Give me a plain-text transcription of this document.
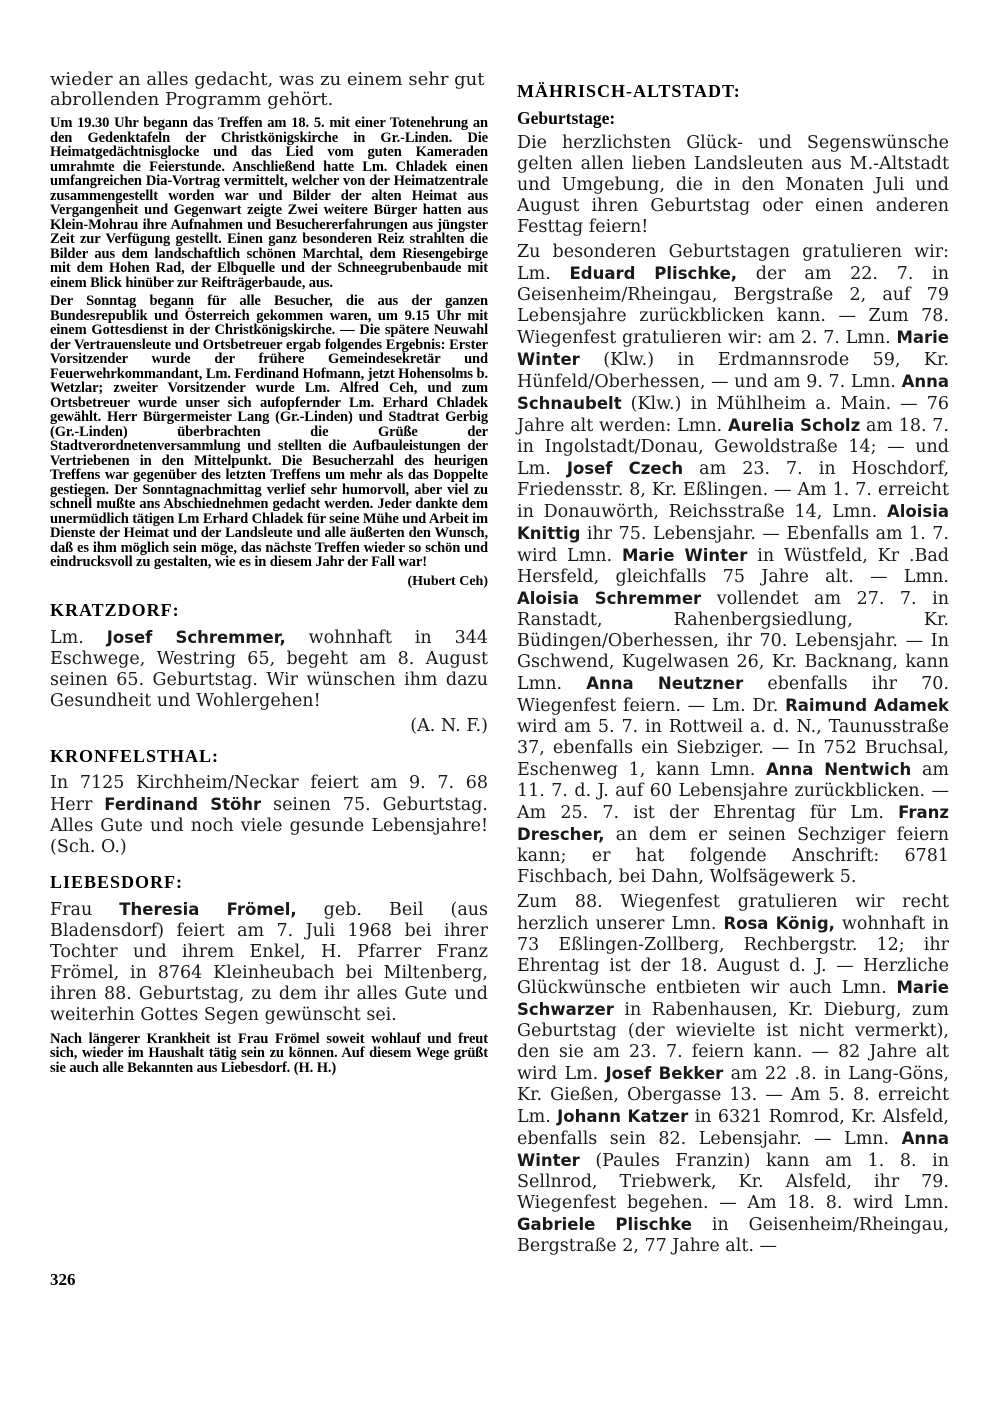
wieder an alles gedacht, was zu einem sehr gut abrollenden Programm gehört.

Um 19.30 Uhr begann das Treffen am 18. 5. mit einer Totenehrung an den Gedenktafeln der Christkönigskirche in Gr.-Linden. Die Heimatgedächtnisglocke und das Lied vom guten Kameraden umrahmte die Feierstunde. Anschließend hatte Lm. Chladek einen umfangreichen Dia-Vortrag vermittelt, welcher von der Heimatzentrale zusammengestellt worden war und Bilder der alten Heimat aus Vergangenheit und Gegenwart zeigte Zwei weitere Bürger hatten aus Klein-Mohrau ihre Aufnahmen und Besuchererfahrungen aus jüngster Zeit zur Verfügung gestellt. Einen ganz besonderen Reiz strahlten die Bilder aus dem landschaftlich schönen Marchtal, dem Riesengebirge mit dem Hohen Rad, der Elbquelle und der Schneegrubenbaude mit einem Blick hinüber zur Reifträgerbaude, aus.

Der Sonntag begann für alle Besucher, die aus der ganzen Bundesrepublik und Österreich gekommen waren, um 9.15 Uhr mit einem Gottesdienst in der Christkönigskirche. — Die spätere Neuwahl der Vertrauensleute und Ortsbetreuer ergab folgendes Ergebnis: Erster Vorsitzender wurde der frühere Gemeindesekretär und Feuerwehrkommandant, Lm. Ferdinand Hofmann, jetzt Hohensolms b. Wetzlar; zweiter Vorsitzender wurde Lm. Alfred Ceh, und zum Ortsbetreuer wurde unser sich aufopfernder Lm. Erhard Chladek gewählt. Herr Bürgermeister Lang (Gr.-Linden) und Stadtrat Gerbig (Gr.-Linden) überbrachten die Grüße der Stadtverordnetenversammlung und stellten die Aufbauleistungen der Vertriebenen in den Mittelpunkt. Die Besucherzahl des heurigen Treffens war gegenüber des letzten Treffens um mehr als das Doppelte gestiegen. Der Sonntagnachmittag verlief sehr humorvoll, aber viel zu schnell mußte ans Abschiednehmen gedacht werden. Jeder dankte dem unermüdlich tätigen Lm Erhard Chladek für seine Mühe und Arbeit im Dienste der Heimat und der Landsleute und alle äußerten den Wunsch, daß es ihm möglich sein möge, das nächste Treffen wieder so schön und eindrucksvoll zu gestalten, wie es in diesem Jahr der Fall war!

(Hubert Ceh)

KRATZDORF:

Lm. Josef Schremmer, wohnhaft in 344 Eschwege, Westring 65, begeht am 8. August seinen 65. Geburtstag. Wir wünschen ihm dazu Gesundheit und Wohlergehen!

(A. N. F.)

KRONFELSTHAL:

In 7125 Kirchheim/Neckar feiert am 9. 7. 68 Herr Ferdinand Stöhr seinen 75. Geburtstag. Alles Gute und noch viele gesunde Lebensjahre! (Sch. O.)

LIEBESDORF:

Frau Theresia Frömel, geb. Beil (aus Bladensdorf) feiert am 7. Juli 1968 bei ihrer Tochter und ihrem Enkel, H. Pfarrer Franz Frömel, in 8764 Kleinheubach bei Miltenberg, ihren 88. Geburtstag, zu dem ihr alles Gute und weiterhin Gottes Segen gewünscht sei.

Nach längerer Krankheit ist Frau Frömel soweit wohlauf und freut sich, wieder im Haushalt tätig sein zu können. Auf diesem Wege grüßt sie auch alle Bekannten aus Liebesdorf. (H. H.)

326
MÄHRISCH-ALTSTADT:
Geburtstage:

Die herzlichsten Glück- und Segenswünsche gelten allen lieben Landsleuten aus M.-Altstadt und Umgebung, die in den Monaten Juli und August ihren Geburtstag oder einen anderen Festtag feiern!

Zu besonderen Geburtstagen gratulieren wir: Lm. Eduard Plischke, der am 22. 7. in Geisenheim/Rheingau, Bergstraße 2, auf 79 Lebensjahre zurückblicken kann. — Zum 78. Wiegenfest gratulieren wir: am 2. 7. Lmn. Marie Winter (Klw.) in Erdmannsrode 59, Kr. Hünfeld/Oberhessen, — und am 9. 7. Lmn. Anna Schnaubelt (Klw.) in Mühlheim a. Main. — 76 Jahre alt werden: Lmn. Aurelia Scholz am 18. 7. in Ingolstadt/Donau, Gewoldstraße 14; — und Lm. Josef Czech am 23. 7. in Hoschdorf, Friedensstr. 8, Kr. Eßlingen. — Am 1. 7. erreicht in Donauwörth, Reichsstraße 14, Lmn. Aloisia Knittig ihr 75. Lebensjahr. — Ebenfalls am 1. 7. wird Lmn. Marie Winter in Wüstfeld, Kr .Bad Hersfeld, gleichfalls 75 Jahre alt. — Lmn. Aloisia Schremmer vollendet am 27. 7. in Ranstadt, Rahenbergsiedlung, Kr. Büdingen/Oberhessen, ihr 70. Lebensjahr. — In Gschwend, Kugelwasen 26, Kr. Backnang, kann Lmn. Anna Neutzner ebenfalls ihr 70. Wiegenfest feiern. — Lm. Dr. Raimund Adamek wird am 5. 7. in Rottweil a. d. N., Taunusstraße 37, ebenfalls ein Siebziger. — In 752 Bruchsal, Eschenweg 1, kann Lmn. Anna Nentwich am 11. 7. d. J. auf 60 Lebensjahre zurückblicken. — Am 25. 7. ist der Ehrentag für Lm. Franz Drescher, an dem er seinen Sechziger feiern kann; er hat folgende Anschrift: 6781 Fischbach, bei Dahn, Wolfsägewerk 5.

Zum 88. Wiegenfest gratulieren wir recht herzlich unserer Lmn. Rosa König, wohnhaft in 73 Eßlingen-Zollberg, Rechbergstr. 12; ihr Ehrentag ist der 18. August d. J. — Herzliche Glückwünsche entbieten wir auch Lmn. Marie Schwarzer in Rabenhausen, Kr. Dieburg, zum Geburtstag (der wievielte ist nicht vermerkt), den sie am 23. 7. feiern kann. — 82 Jahre alt wird Lm. Josef Bekker am 22 .8. in Lang-Göns, Kr. Gießen, Obergasse 13. — Am 5. 8. erreicht Lm. Johann Katzer in 6321 Romrod, Kr. Alsfeld, ebenfalls sein 82. Lebensjahr. — Lmn. Anna Winter (Paules Franzin) kann am 1. 8. in Sellnrod, Triebwerk, Kr. Alsfeld, ihr 79. Wiegenfest begehen. — Am 18. 8. wird Lmn. Gabriele Plischke in Geisenheim/Rheingau, Bergstraße 2, 77 Jahre alt. —
